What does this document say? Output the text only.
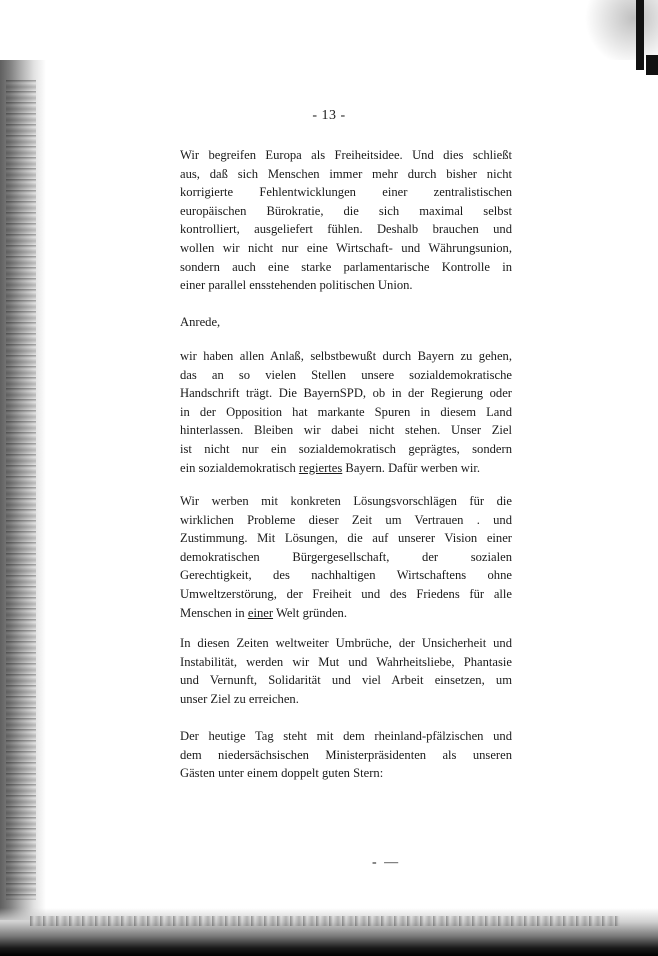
- 13 -
Wir begreifen Europa als Freiheitsidee. Und dies schließt
aus, daß sich Menschen immer mehr durch bisher nicht
korrigierte Fehlentwicklungen einer zentralistischen
europäischen Bürokratie, die sich maximal selbst
kontrolliert, ausgeliefert fühlen. Deshalb brauchen und
wollen wir nicht nur eine Wirtschaft- und Währungsunion,
sondern auch eine starke parlamentarische Kontrolle in
einer parallel ensstehenden politischen Union.
Anrede,
wir haben allen Anlaß, selbstbewußt durch Bayern zu gehen,
das an so vielen Stellen unsere sozialdemokratische
Handschrift trägt. Die BayernSPD, ob in der Regierung oder
in der Opposition hat markante Spuren in diesem Land
hinterlassen. Bleiben wir dabei nicht stehen. Unser Ziel
ist nicht nur ein sozialdemokratisch geprägtes, sondern
ein sozialdemokratisch regiertes Bayern. Dafür werben wir.
Wir werben mit konkreten Lösungsvorschlägen für die
wirklichen Probleme dieser Zeit um Vertrauen . und
Zustimmung. Mit Lösungen, die auf unserer Vision einer
demokratischen Bürgergesellschaft, der sozialen
Gerechtigkeit, des nachhaltigen Wirtschaftens ohne
Umweltzerstörung, der Freiheit und des Friedens für alle
Menschen in einer Welt gründen.
In diesen Zeiten weltweiter Umbrüche, der Unsicherheit und
Instabilität, werden wir Mut und Wahrheitsliebe, Phantasie
und Vernunft, Solidarität und viel Arbeit einsetzen, um
unser Ziel zu erreichen.
Der heutige Tag steht mit dem rheinland-pfälzischen und
dem niedersächsischen Ministerpräsidenten als unseren
Gästen unter einem doppelt guten Stern:
- —
